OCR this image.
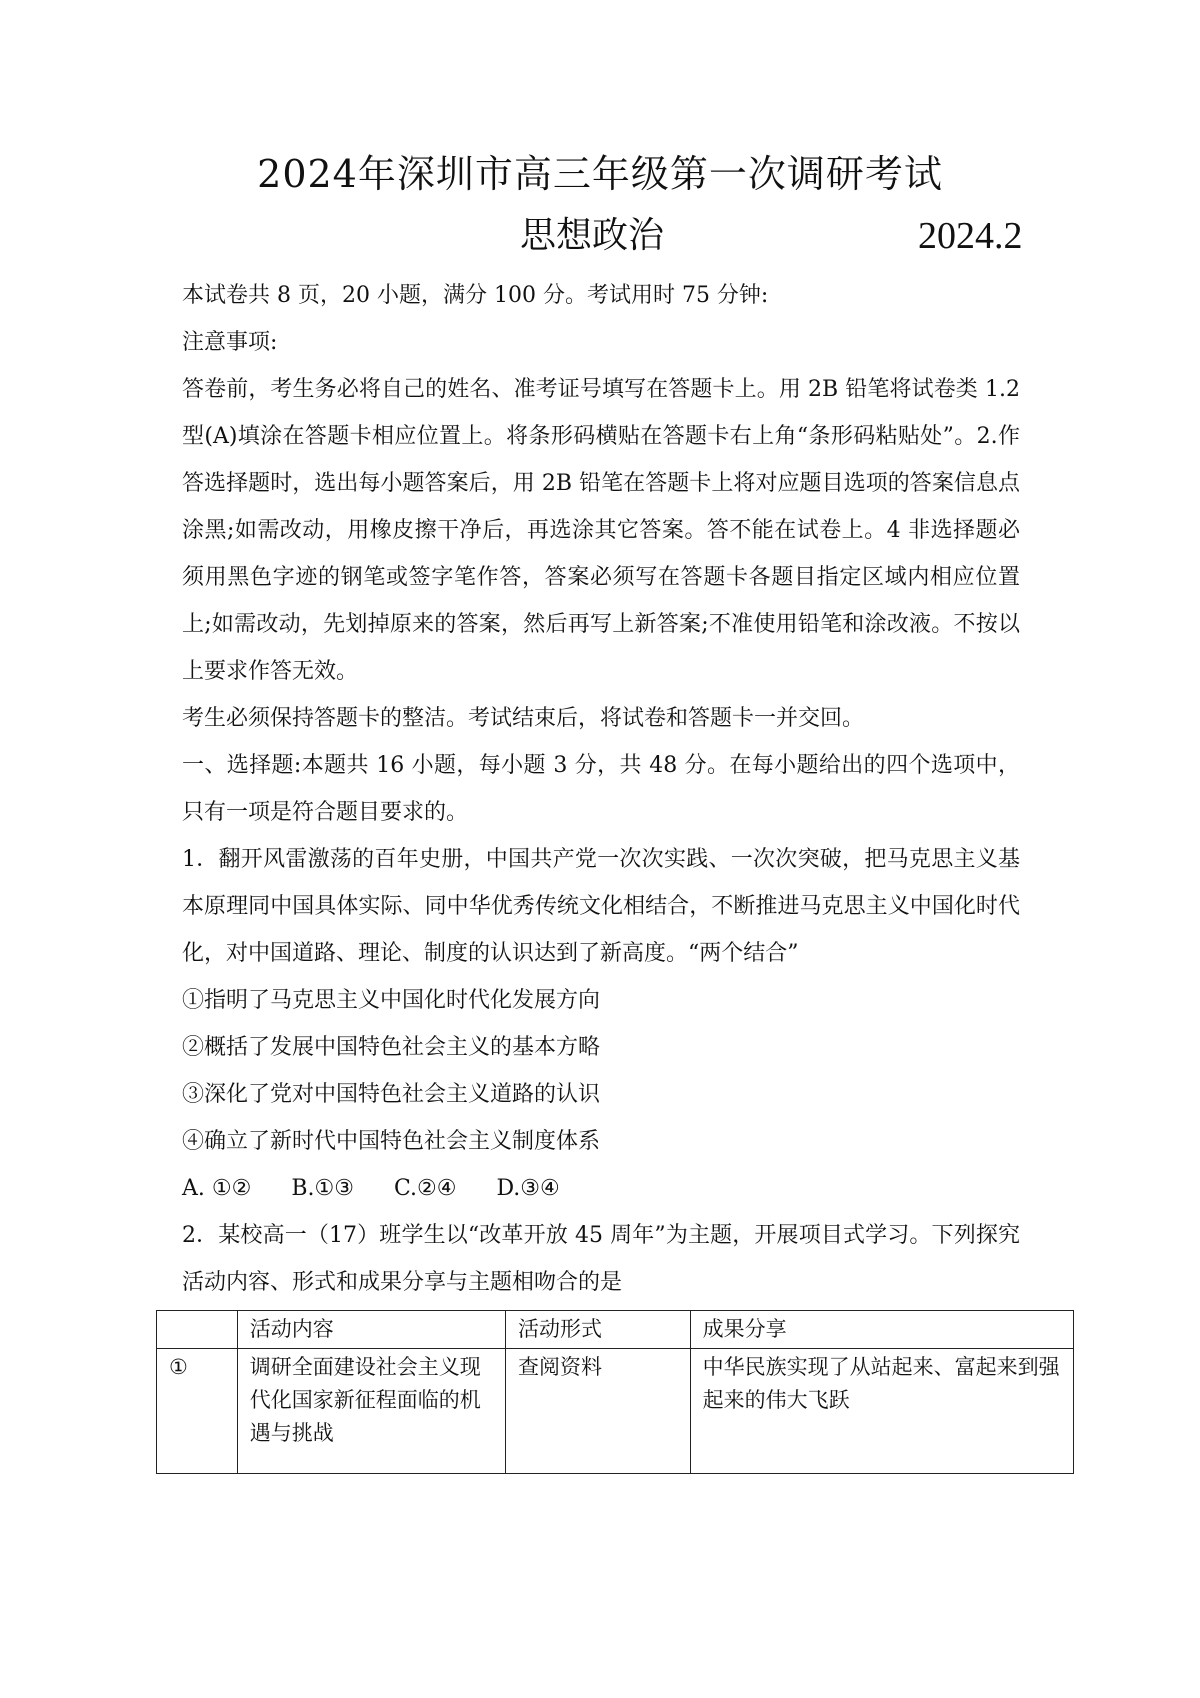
2024年深圳市高三年级第一次调研考试
思想政治	2024.2

本试卷共 8 页，20 小题，满分 100 分。考试用时 75 分钟:

注意事项:

答卷前，考生务必将自己的姓名、准考证号填写在答题卡上。用 2B 铅笔将试卷类 1.2 型(A)填涂在答题卡相应位置上。将条形码横贴在答题卡右上角“条形码粘贴处”。2.作答选择题时，选出每小题答案后，用 2B 铅笔在答题卡上将对应题目选项的答案信息点涂黑;如需改动，用橡皮擦干净后，再选涂其它答案。答不能在试卷上。4 非选择题必须用黑色字迹的钢笔或签字笔作答，答案必须写在答题卡各题目指定区域内相应位置上;如需改动，先划掉原来的答案，然后再写上新答案;不准使用铅笔和涂改液。不按以上要求作答无效。

考生必须保持答题卡的整洁。考试结束后，将试卷和答题卡一并交回。

一、选择题:本题共 16 小题，每小题 3 分，共 48 分。在每小题给出的四个选项中，只有一项是符合题目要求的。

1．翻开风雷激荡的百年史册，中国共产党一次次实践、一次次突破，把马克思主义基本原理同中国具体实际、同中华优秀传统文化相结合，不断推进马克思主义中国化时代化，对中国道路、理论、制度的认识达到了新高度。“两个结合”

①指明了马克思主义中国化时代化发展方向

②概括了发展中国特色社会主义的基本方略

③深化了党对中国特色社会主义道路的认识

④确立了新时代中国特色社会主义制度体系

A. ①② B.①③ C.②④ D.③④

2．某校高一（17）班学生以“改革开放 45 周年”为主题，开展项目式学习。下列探究活动内容、形式和成果分享与主题相吻合的是

	活动内容	活动形式	成果分享
①	调研全面建设社会主义现代化国家新征程面临的机遇与挑战	查阅资料	中华民族实现了从站起来、富起来到强起来的伟大飞跃
